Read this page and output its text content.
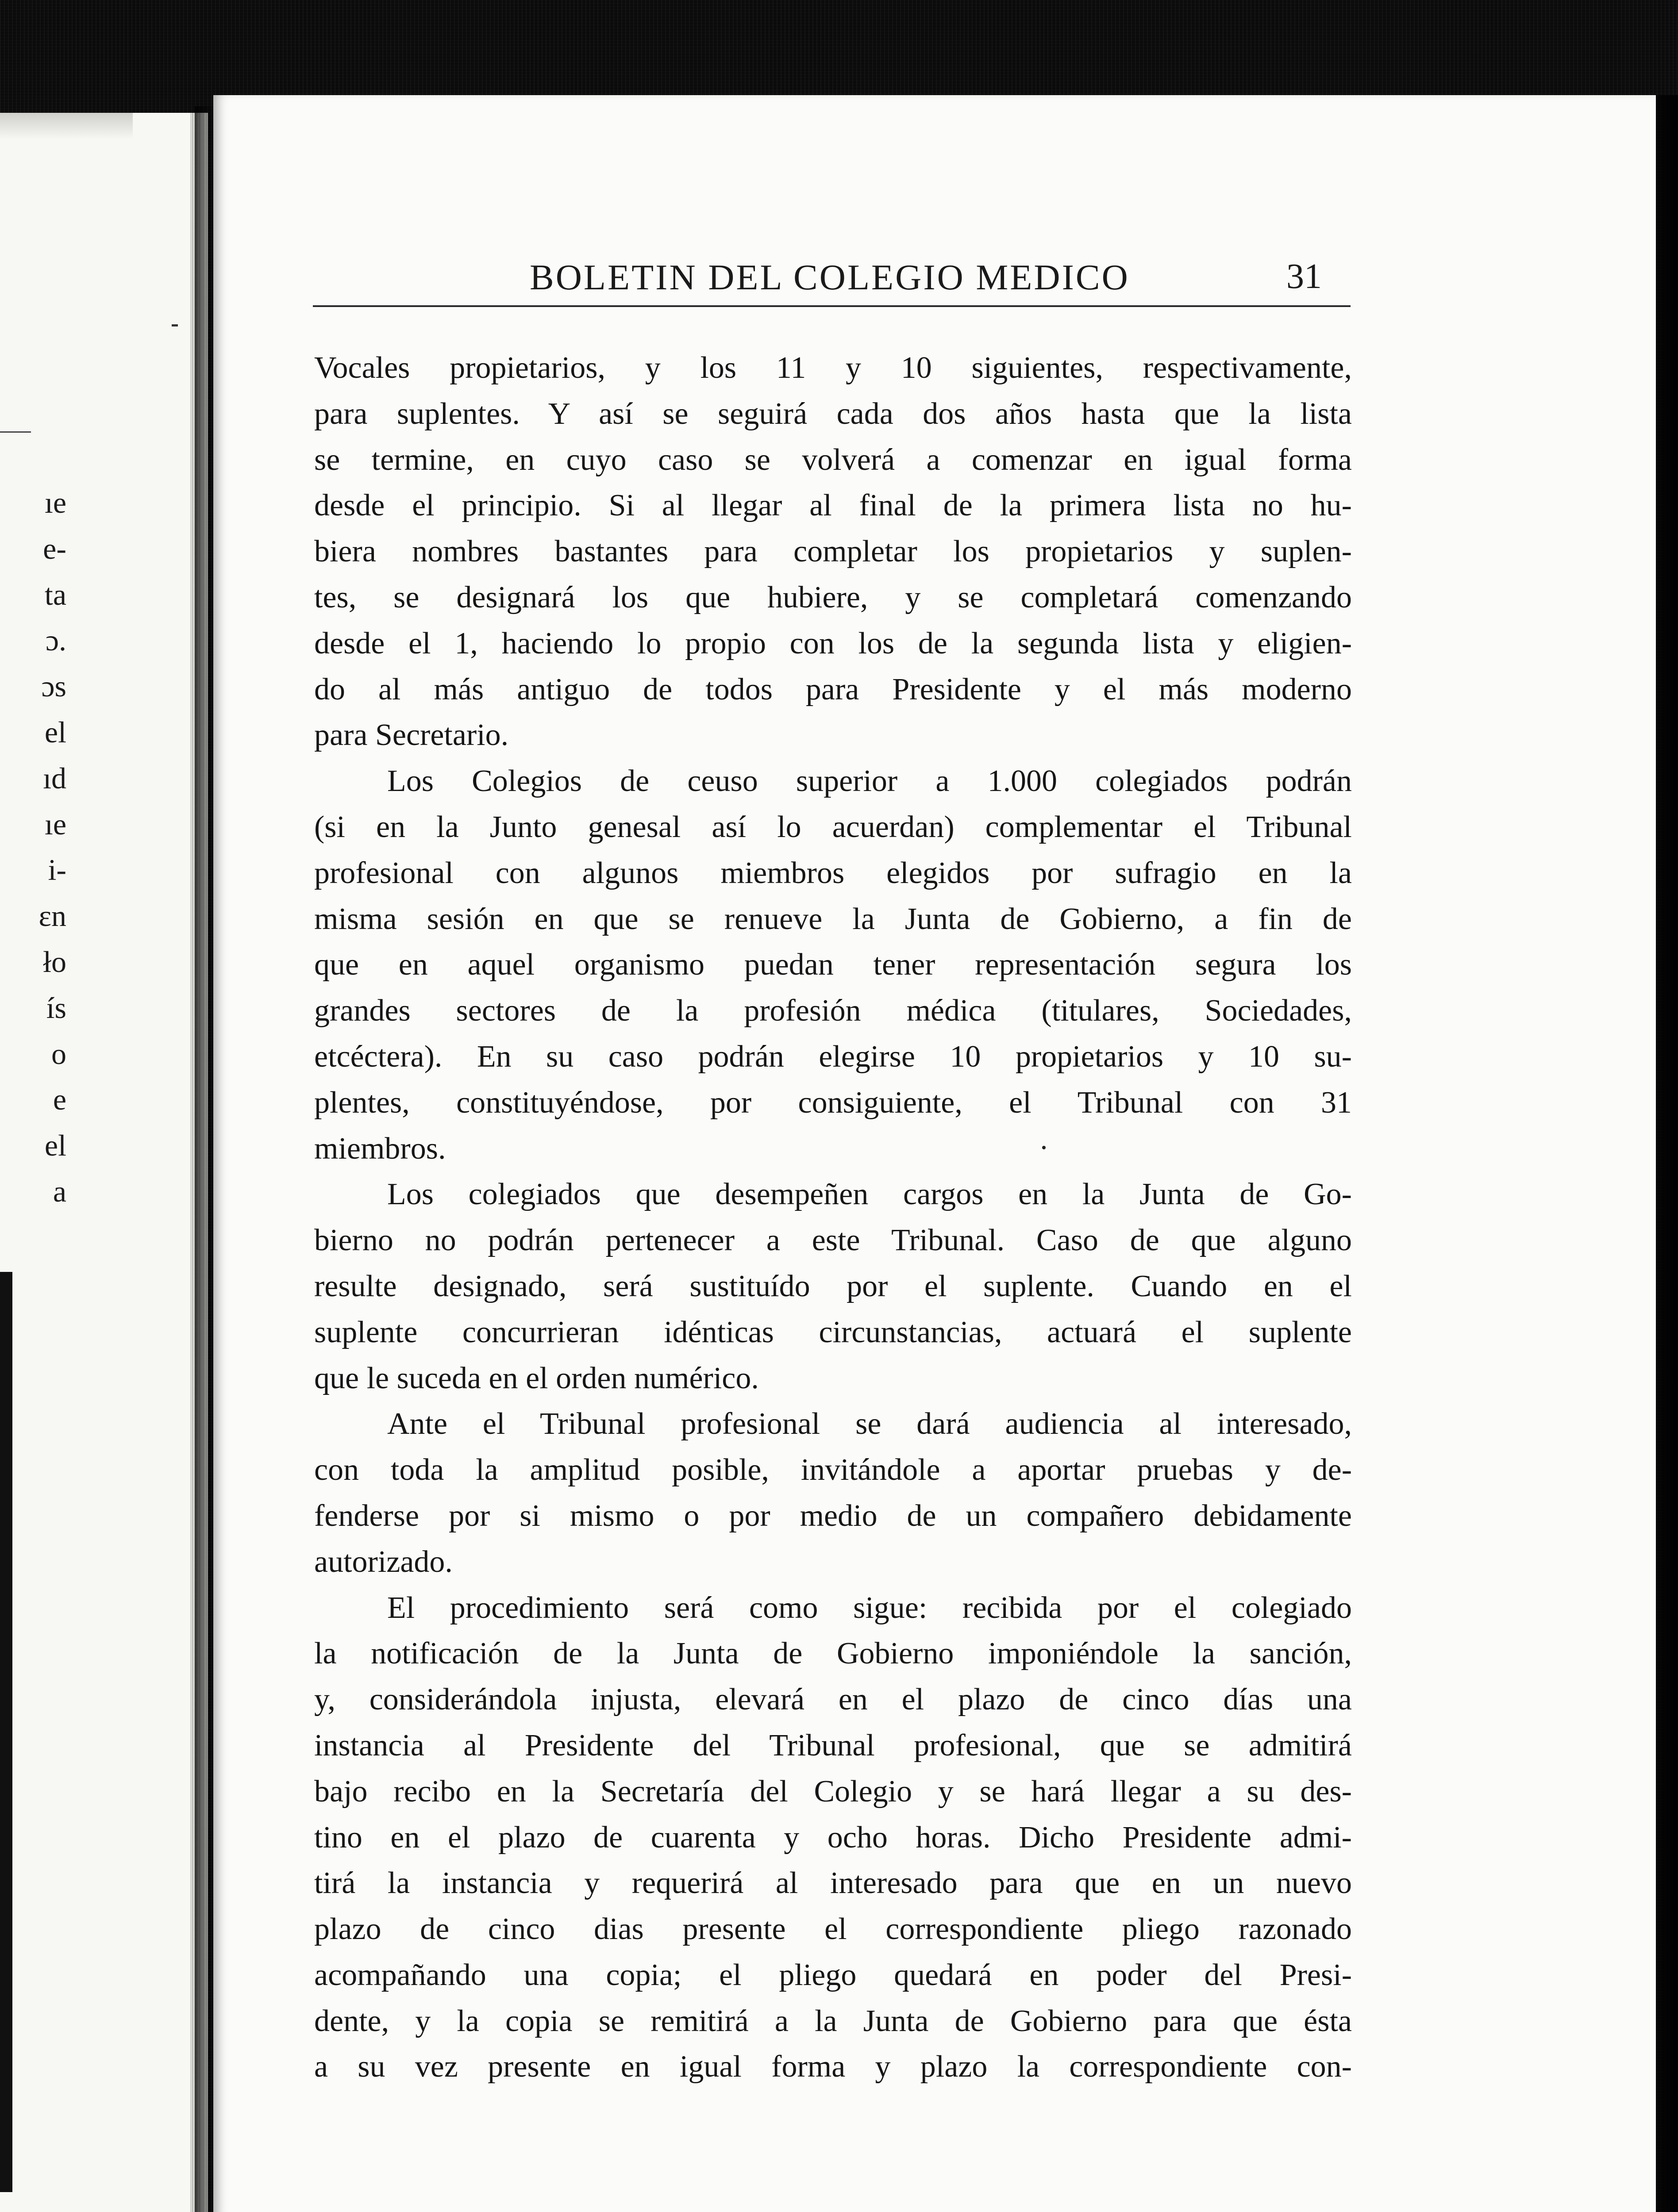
ıe
e-
ta
ɔ.
ɔs
el
ıd
ıe
i-
ɛn
ło
ís
o
e
el
a
BOLETIN DEL COLEGIO MEDICO	31
Vocales propietarios, y los 11 y 10 siguientes, respectivamente,
para suplentes. Y así se seguirá cada dos años hasta que la lista
se termine, en cuyo caso se volverá a comenzar en igual forma
desde el principio. Si al llegar al final de la primera lista no hu-
biera nombres bastantes para completar los propietarios y suplen-
tes, se designará los que hubiere, y se completará comenzando
desde el 1, haciendo lo propio con los de la segunda lista y eligien-
do al más antiguo de todos para Presidente y el más moderno
para Secretario.
Los Colegios de ceuso superior a 1.000 colegiados podrán
(si en la Junto genesal así lo acuerdan) complementar el Tribunal
profesional con algunos miembros elegidos por sufragio en la
misma sesión en que se renueve la Junta de Gobierno, a fin de
que en aquel organismo puedan tener representación segura los
grandes sectores de la profesión médica (titulares, Sociedades,
etcéctera). En su caso podrán elegirse 10 propietarios y 10 su-
plentes, constituyéndose, por consiguiente, el Tribunal con 31
miembros.
Los colegiados que desempeñen cargos en la Junta de Go-
bierno no podrán pertenecer a este Tribunal. Caso de que alguno
resulte designado, será sustituído por el suplente. Cuando en el
suplente concurrieran idénticas circunstancias, actuará el suplente
que le suceda en el orden numérico.
Ante el Tribunal profesional se dará audiencia al interesado,
con toda la amplitud posible, invitándole a aportar pruebas y de-
fenderse por si mismo o por medio de un compañero debidamente
autorizado.
El procedimiento será como sigue: recibida por el colegiado
la notificación de la Junta de Gobierno imponiéndole la sanción,
y, considerándola injusta, elevará en el plazo de cinco días una
instancia al Presidente del Tribunal profesional, que se admitirá
bajo recibo en la Secretaría del Colegio y se hará llegar a su des-
tino en el plazo de cuarenta y ocho horas. Dicho Presidente admi-
tirá la instancia y requerirá al interesado para que en un nuevo
plazo de cinco dias presente el correspondiente pliego razonado
acompañando una copia; el pliego quedará en poder del Presi-
dente, y la copia se remitirá a la Junta de Gobierno para que ésta
a su vez presente en igual forma y plazo la correspondiente con-
